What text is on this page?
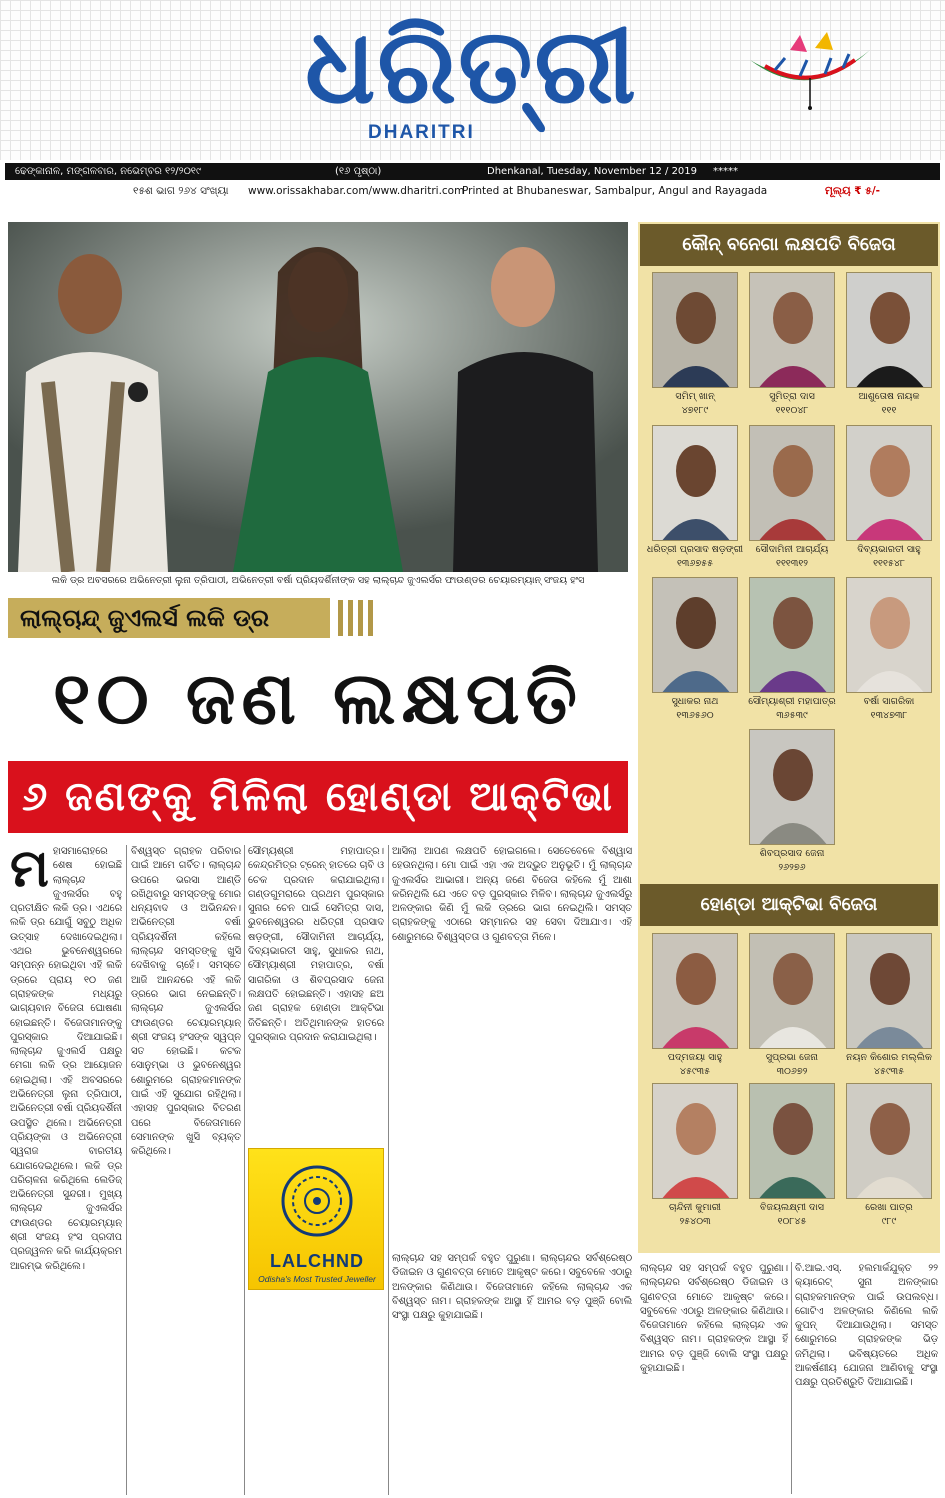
ଧରିତ୍ରୀ
DHARITRI
ଢେଙ୍କାନାଳ, ମଙ୍ଗଳବାର, ନଭେମ୍ବର ୧୨/୨୦୧୯	(୧୬ ପୃଷ୍ଠା)	Dhenkanal, Tuesday, November 12 / 2019 *****
୧୫ଶ ଭାଗ ୨୬୪ ସଂଖ୍ୟା www.orissakhabar.com/www.dharitri.com
Printed at Bhubaneswar, Sambalpur, Angul and Rayagada	ମୂଲ୍ୟ ₹ ୫/-
ଲକି ଡ୍ର ଅବସରରେ ଅଭିନେତ୍ରୀ ଲୁନା ତ୍ରିପାଠୀ, ଅଭିନେତ୍ରୀ ବର୍ଷା ପ୍ରିୟଦର୍ଶିନୀଙ୍କ ସହ ଲାଲ୍‌ଚାନ୍ଦ ଜୁଏଲର୍ସର ଫାଉଣ୍ଡର ଚେୟାରମ୍ୟାନ୍‌ ସଂଜୟ ହଂସ
ଲାଲ୍‌ଚାନ୍ଦ୍ ଜୁଏଲର୍ସ ଲକି ଡ୍ର
୧୦ ଜଣ ଲକ୍ଷପତି
୬ ଜଣଙ୍କୁ ମିଳିଲା ହୋଣ୍ଡା ଆକ୍ଟିଭା
କୌନ୍ ବନେଗା ଲକ୍ଷପତି ବିଜେତା
ସମିମ୍ ଖାନ୍
୪୭୧୮୯
ସୁମିତ୍ରା ଦାସ
୧୧୧୦୪୮
ଆଶୁତୋଷ ନାୟକ
୧୧୧
ଧରିତ୍ରୀ ପ୍ରସାଦ ଷଡ଼ଙ୍ଗୀ
୧୩୬୭୫୫
ସୌଦାମିନୀ ଆଚାର୍ଯ୍ୟ
୧୧୧୩୧୨
ଦିବ୍ୟଭାରତୀ ସାହୁ
୧୧୧୫୪୮
ସୁଧାକର ନାଥ
୧୩୬୫୬୦
ସୌମ୍ୟାଶ୍ରୀ ମହାପାତ୍ର
୩୬୫୩୯
ବର୍ଷା ସାଗରିକା
୧୩୪୭୩୮
ଶିବପ୍ରସାଦ ଜେନା
୨୬୨୭୬
ହୋଣ୍ଡା ଆକ୍ଟିଭା ବିଜେତା
ପଦ୍ମଜୟା ସାହୁ
୪୫୯୩୫
ସୁପ୍ରଭା ଜେନା
୩୦୬୭୨
ନୟନ କିଶୋର ମଲ୍ଲିକ
୪୫୯୩୫
ଚାନ୍ଦିନୀ କୁମାରୀ
୨୫୪୦୩
ବିଜୟଲକ୍ଷ୍ମୀ ଦାସ
୧୦୮୪୫
ରେଖା ପାତ୍ର
୯୮୯
ମହାସମାରୋହରେ ଶେଷ ହୋଇଛି ଲାଲ୍‌ଚାନ୍ଦ ଜୁଏଲର୍ସର ବହୁ ପ୍ରତୀକ୍ଷିତ ଲକି ଡ୍ର। ଏଥରେ ଲକି ଡ୍ର ଯୋଗୁଁ ସବୁଠୁ ଅଧିକ ଉତ୍ସାହ ଦେଖାଦେଇଥିଲା। ଏଥର ଭୁବନେଶ୍ୱରରେ ସମ୍ପନ୍ନ ହୋଇଥିବା ଏହି ଲକି ଡ୍ରରେ ପ୍ରାୟ ୧୦ ଜଣ ଗ୍ରାହକଙ୍କ ମଧ୍ୟରୁ ଭାଗ୍ୟବାନ ବିଜେତା ଘୋଷଣା ହୋଇଛନ୍ତି। ବିଜେତାମାନଙ୍କୁ ପୁରସ୍କାର ଦିଆଯାଇଛି। ଲାଲ୍‌ଚାନ୍ଦ ଜୁଏଲର୍ସ ପକ୍ଷରୁ ମେଗା ଲକି ଡ୍ର ଆୟୋଜନ ହୋଇଥିଲା। ଏହି ଅବସରରେ ଅଭିନେତ୍ରୀ ଲୁନା ତ୍ରିପାଠୀ, ଅଭିନେତ୍ରୀ ବର୍ଷା ପ୍ରିୟଦର୍ଶିନୀ ଉପସ୍ଥିତ ଥିଲେ। ଅଭିନେତ୍ରୀ ପ୍ରିୟଙ୍କା ଓ ଅଭିନେତ୍ରୀ ସ୍ୱରାଜ ବାରତୀୟ ଯୋଗଦେଇଥିଲେ। ଲକି ଡ୍ର ପରିଚାଳନା କରିଥିଲେ ଲେଡିଜ୍ ଅଭିନେତ୍ରୀ ସୁନ୍ଦରୀ। ମୁଖ୍ୟ ଲାଲ୍‌ଚାନ୍ଦ ଜୁଏଲର୍ସର ଫାଉଣ୍ଡର ଚେୟାରମ୍ୟାନ୍ ଶ୍ରୀ ସଂଜୟ ହଂସ ପ୍ରଦୀପ ପ୍ରଜ୍ୱଳନ କରି କାର୍ଯ୍ୟକ୍ରମ ଆରମ୍ଭ କରିଥିଲେ।
ବିଶ୍ୱସ୍ତ ଗ୍ରାହକ ପରିବାର ପାଇଁ ଆମେ ଗର୍ବିତ। ଲାଲ୍‌ଚାନ୍ଦ ଉପରେ ଭରସା ଆଣ୍ଡି ରଖିଥିବାରୁ ସମସ୍ତଙ୍କୁ ମୋର ଧନ୍ୟବାଦ ଓ ଅଭିନନ୍ଦନ। ଅଭିନେତ୍ରୀ ବର୍ଷା ପ୍ରିୟଦର୍ଶିନୀ କହିଲେ ଲାଲ୍‌ଚାନ୍ଦ ସମସ୍ତଙ୍କୁ ଖୁସି ଦେଖିବାକୁ ଚାହେଁ। ସମସ୍ତେ ଆଜି ଆନନ୍ଦରେ ଏହି ଲକି ଡ୍ରରେ ଭାଗ ନେଇଛନ୍ତି। ଲାଲ୍‌ଚାନ୍ଦ ଜୁଏଲର୍ସର ଫାଉଣ୍ଡର ଚେୟାରମ୍ୟାନ୍ ଶ୍ରୀ ସଂଜୟ ହଂସଙ୍କ ସ୍ୱପ୍ନ ସତ ହୋଇଛି। କଟକ ସୋନୁମ୍ଭା ଓ ଭୁବନେଶ୍ୱର ଶୋରୁମରେ ଗ୍ରାହକମାନଙ୍କ ପାଇଁ ଏହି ସୁଯୋଗ ରହିଥିଲା। ଏହାସହ ପୁରସ୍କାର ବିତରଣ ପରେ ବିଜେତାମାନେ ସେମାନଙ୍କ ଖୁସି ବ୍ୟକ୍ତ କରିଥିଲେ।
ସୌମ୍ୟଶ୍ରୀ ମହାପାତ୍ର। କେନ୍ଦ୍ରମିତ୍ର ଟ୍ରେନ୍ ହାତରେ ଚାବି ଓ ଚେକ ପ୍ରଦାନ କରାଯାଇଥିଲା। ଗଣ୍ଡଗୁମରାରେ ପ୍ରଥମ ପୁରସ୍କାର ସୁନାର ଚେନ ପାଇଁ ସେମିତ୍ରା ଦାସ, ଭୁବନେଶ୍ୱରର ଧରିତ୍ରୀ ପ୍ରସାଦ ଷଡ଼ଙ୍ଗୀ, ସୌଦାମିନୀ ଆଚାର୍ଯ୍ୟ, ଦିବ୍ୟଭାରତୀ ସାହୁ, ସୁଧାକର ନାଥ, ସୌମ୍ୟାଶ୍ରୀ ମହାପାତ୍ର, ବର୍ଷା ସାଗରିକା ଓ ଶିବପ୍ରସାଦ ଜେନା ଲକ୍ଷପତି ହୋଇଛନ୍ତି। ଏହାସହ ଛଅ ଜଣ ଗ୍ରାହକ ହୋଣ୍ଡା ଆକ୍ଟିଭା ଜିତିଛନ୍ତି। ଅତିଥିମାନଙ୍କ ହାତରେ ପୁରସ୍କାର ପ୍ରଦାନ କରାଯାଇଥିଲା।
ଆସିଲା ଆପଣ ଲକ୍ଷପତି ହୋଇଗଲେ। ସେତେବେଳେ ବିଶ୍ୱାସ ହେଉନଥିଲା। ମୋ ପାଇଁ ଏହା ଏକ ଅଦ୍ଭୁତ ଅନୁଭୂତି। ମୁଁ ଲାଲ୍‌ଚାନ୍ଦ ଜୁଏଲର୍ସର ଆଭାରୀ। ଅନ୍ୟ ଜଣେ ବିଜେତା କହିଲେ ମୁଁ ଆଶା କରିନଥିଲି ଯେ ଏତେ ବଡ଼ ପୁରସ୍କାର ମିଳିବ। ଲାଲ୍‌ଚାନ୍ଦ ଜୁଏଲର୍ସରୁ ଅଳଙ୍କାର କିଣି ମୁଁ ଲକି ଡ୍ରରେ ଭାଗ ନେଇଥିଲି। ସମସ୍ତ ଗ୍ରାହକଙ୍କୁ ଏଠାରେ ସମ୍ମାନର ସହ ସେବା ଦିଆଯାଏ। ଏହି ଶୋରୁମରେ ବିଶ୍ୱସ୍ତତା ଓ ଗୁଣବତ୍ତା ମିଳେ।
ଲାଲ୍‌ଚାନ୍ଦ ସହ ସମ୍ପର୍କ ବହୁତ ପୁରୁଣା। ଲାଲ୍‌ଚାନ୍ଦର ସର୍ବଶ୍ରେଷ୍ଠ ଡିଜାଇନ ଓ ଗୁଣବତ୍ତା ମୋତେ ଆକୃଷ୍ଟ କରେ। ସବୁବେଳେ ଏଠାରୁ ଅଳଙ୍କାର କିଣିଥାଉ। ବିଜେତାମାନେ କହିଲେ ଲାଲ୍‌ଚାନ୍ଦ ଏକ ବିଶ୍ୱସ୍ତ ନାମ। ଗ୍ରାହକଙ୍କ ଆସ୍ଥା ହିଁ ଆମର ବଡ଼ ପୁଞ୍ଜି ବୋଲି ସଂସ୍ଥା ପକ୍ଷରୁ କୁହାଯାଇଛି।
ବି.ଆଇ.ଏସ୍. ହଲମାର୍କଯୁକ୍ତ ୨୨ କ୍ୟାରେଟ୍ ସୁନା ଅଳଙ୍କାର ଗ୍ରାହକମାନଙ୍କ ପାଇଁ ଉପଲବ୍ଧ। ଗୋଟିଏ ଅଳଙ୍କାର କିଣିଲେ ଲକି କୁପନ୍ ଦିଆଯାଉଥିଲା। ସମସ୍ତ ଶୋରୁମରେ ଗ୍ରାହକଙ୍କ ଭିଡ଼ ଜମିଥିଲା। ଭବିଷ୍ୟତରେ ଅଧିକ ଆକର୍ଷଣୀୟ ଯୋଜନା ଆଣିବାକୁ ସଂସ୍ଥା ପକ୍ଷରୁ ପ୍ରତିଶ୍ରୁତି ଦିଆଯାଇଛି।
ଲାଲ୍‌ଚାନ୍ଦ ସହ ସମ୍ପର୍କ ବହୁତ ପୁରୁଣା। ଲାଲ୍‌ଚାନ୍ଦର ସର୍ବଶ୍ରେଷ୍ଠ ଡିଜାଇନ ଓ ଗୁଣବତ୍ତା ମୋତେ ଆକୃଷ୍ଟ କରେ। ସବୁବେଳେ ଏଠାରୁ ଅଳଙ୍କାର କିଣିଥାଉ। ବିଜେତାମାନେ କହିଲେ ଲାଲ୍‌ଚାନ୍ଦ ଏକ ବିଶ୍ୱସ୍ତ ନାମ। ଗ୍ରାହକଙ୍କ ଆସ୍ଥା ହିଁ ଆମର ବଡ଼ ପୁଞ୍ଜି ବୋଲି ସଂସ୍ଥା ପକ୍ଷରୁ କୁହାଯାଇଛି।
LALCHND
Odisha's Most Trusted Jeweller
